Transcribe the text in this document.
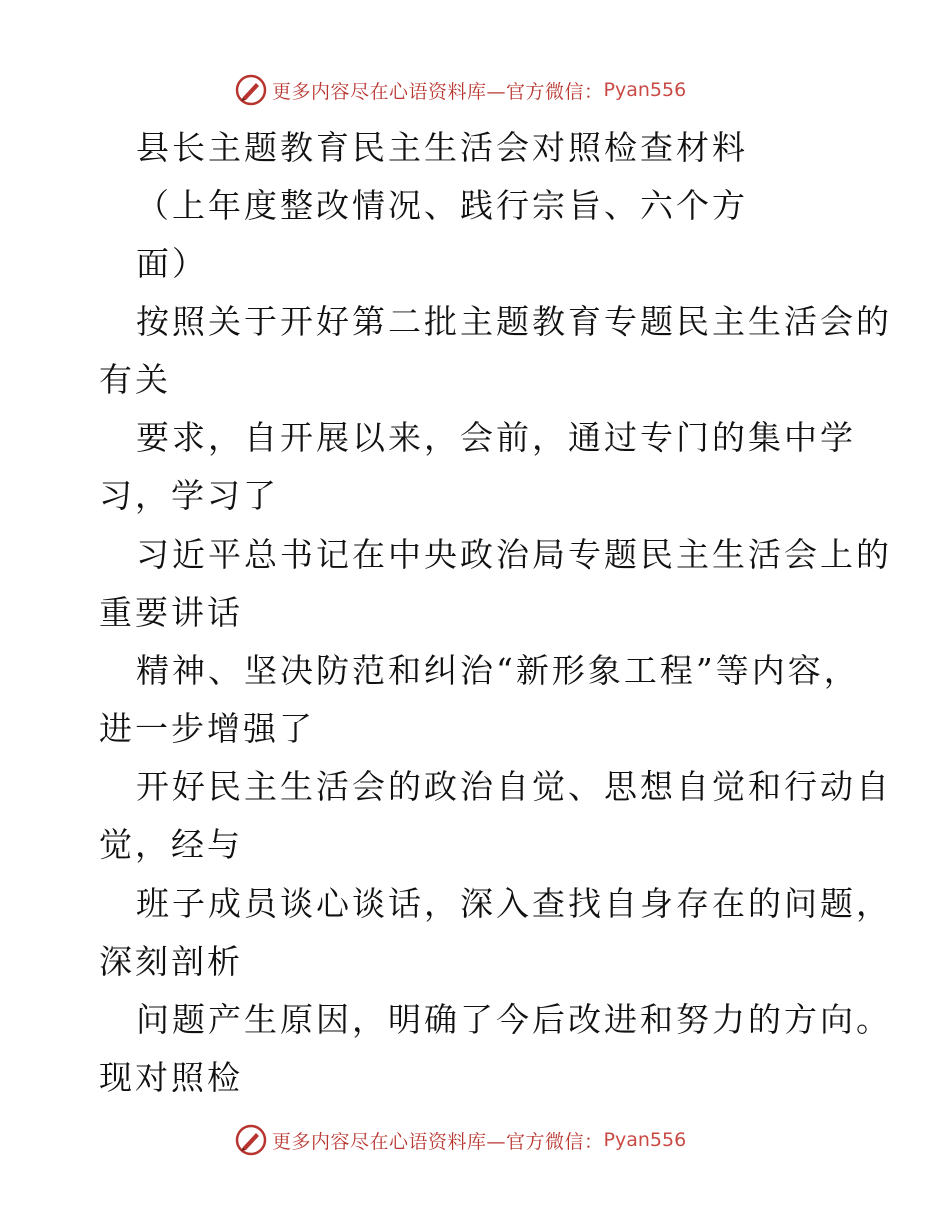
更多内容尽在心语资料库—官方微信： Pyan556
县长主题教育民主生活会对照检查材料
（上年度整改情况、践行宗旨、六个方
面）
按照关于开好第二批主题教育专题民主生活会的
有关
要求，自开展以来，会前，通过专门的集中学
习，学习了
习近平总书记在中央政治局专题民主生活会上的
重要讲话
精神、坚决防范和纠治“新形象工程”等内容，
进一步增强了
开好民主生活会的政治自觉、思想自觉和行动自
觉，经与
班子成员谈心谈话，深入查找自身存在的问题，
深刻剖析
问题产生原因，明确了今后改进和努力的方向。
现对照检
更多内容尽在心语资料库—官方微信： Pyan556
